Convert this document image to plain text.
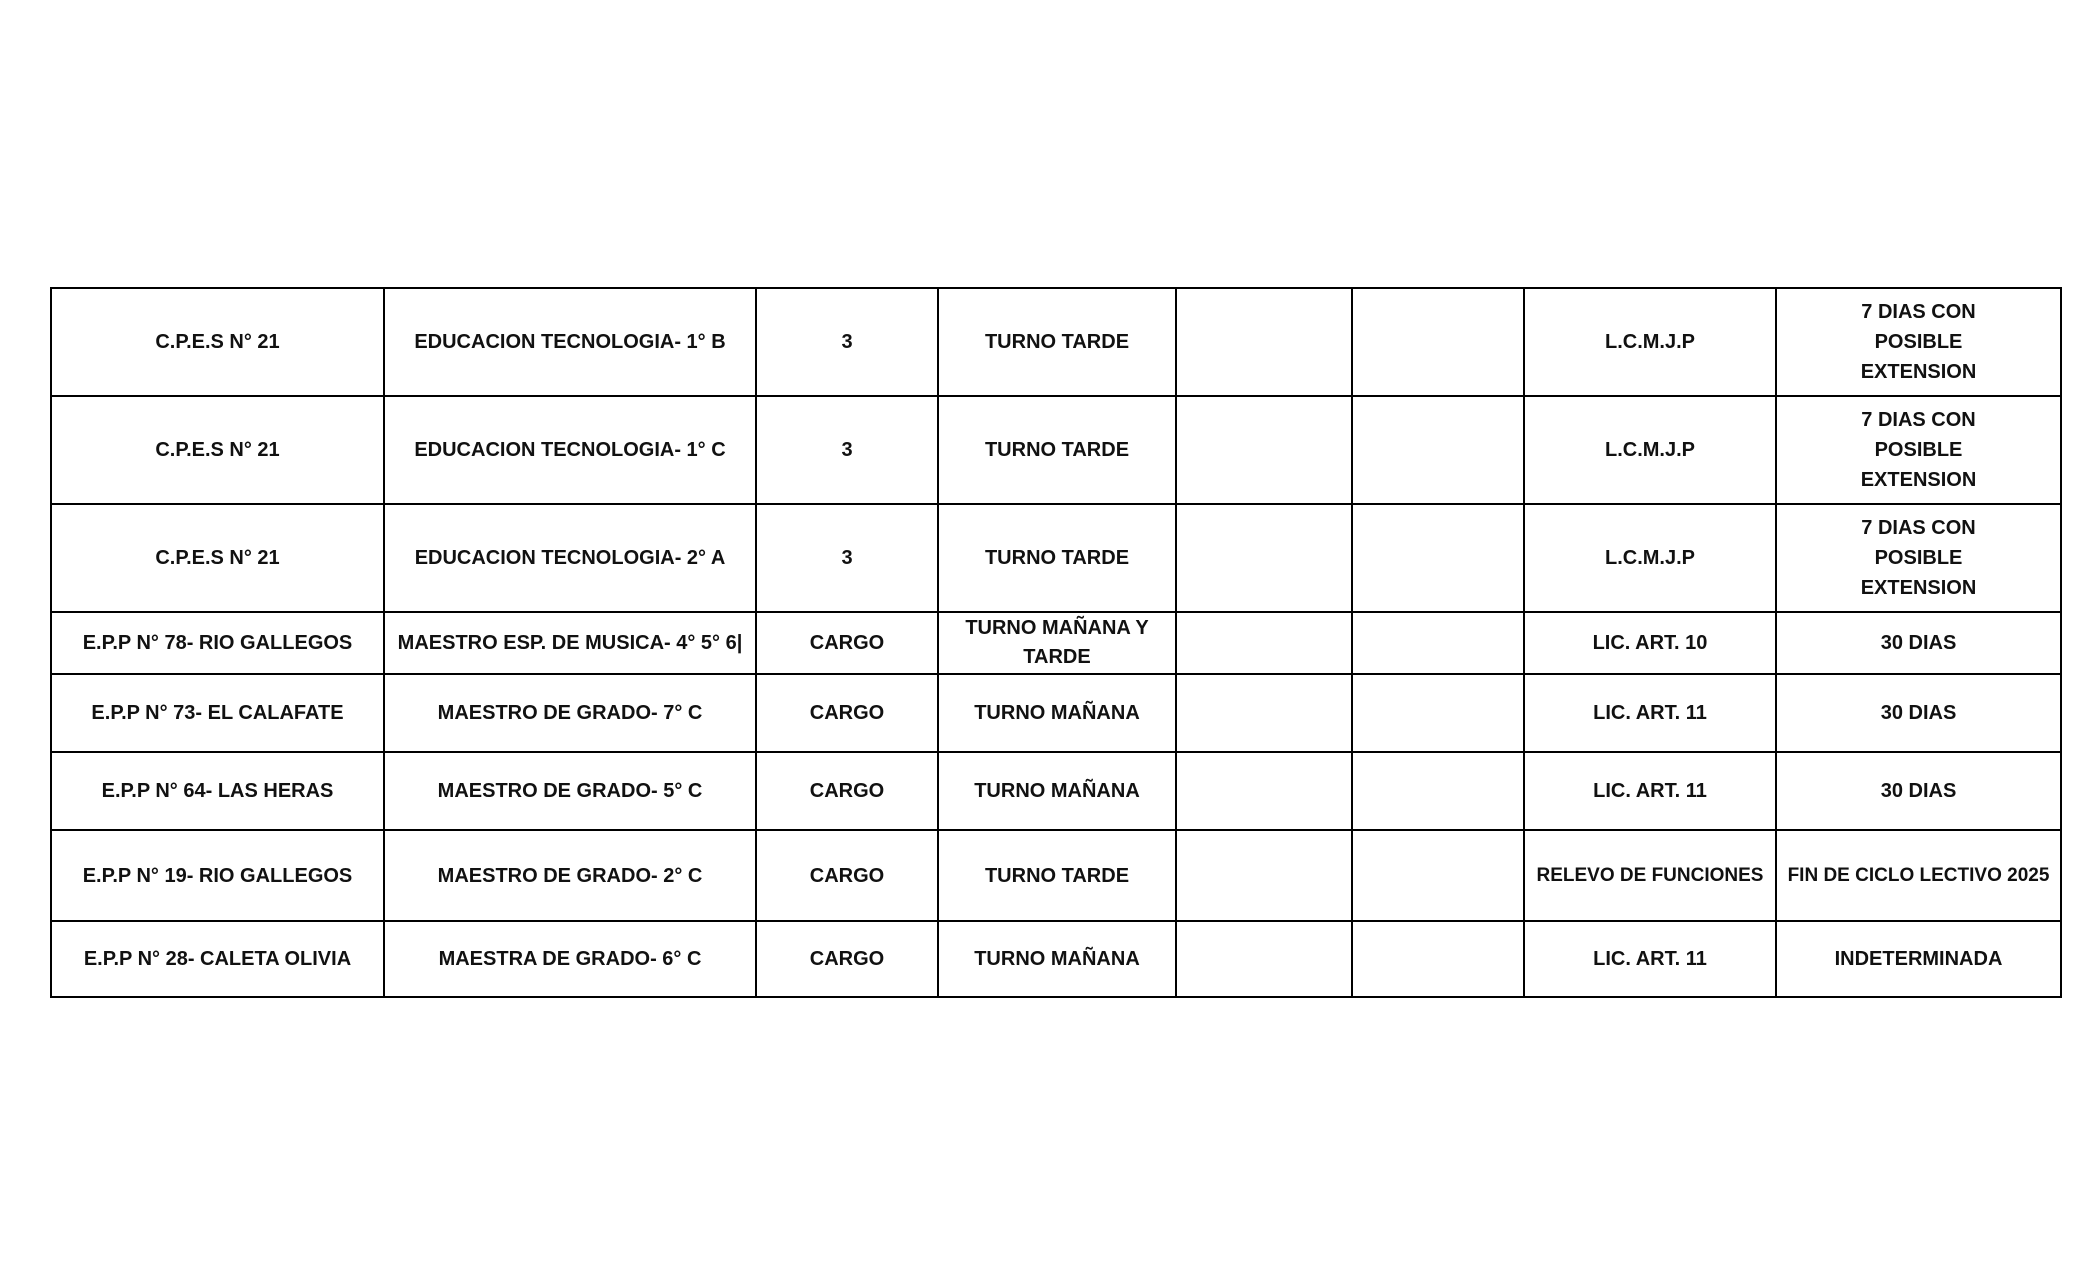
C.P.E.S N° 21	EDUCACION TECNOLOGIA- 1° B	3	TURNO TARDE			L.C.M.J.P	7 DIAS CON POSIBLE EXTENSION
C.P.E.S N° 21	EDUCACION TECNOLOGIA- 1° C	3	TURNO TARDE			L.C.M.J.P	7 DIAS CON POSIBLE EXTENSION
C.P.E.S N° 21	EDUCACION TECNOLOGIA- 2° A	3	TURNO TARDE			L.C.M.J.P	7 DIAS CON POSIBLE EXTENSION
E.P.P N° 78- RIO GALLEGOS	MAESTRO ESP. DE MUSICA- 4° 5° 6|	CARGO	TURNO MAÑANA Y TARDE			LIC. ART. 10	30 DIAS
E.P.P N° 73- EL CALAFATE	MAESTRO DE GRADO- 7° C	CARGO	TURNO MAÑANA			LIC. ART. 11	30 DIAS
E.P.P N° 64- LAS HERAS	MAESTRO DE GRADO- 5° C	CARGO	TURNO MAÑANA			LIC. ART. 11	30 DIAS
E.P.P N° 19- RIO GALLEGOS	MAESTRO DE GRADO- 2° C	CARGO	TURNO TARDE			RELEVO DE FUNCIONES	FIN DE CICLO LECTIVO 2025
E.P.P N° 28- CALETA OLIVIA	MAESTRA DE GRADO- 6° C	CARGO	TURNO MAÑANA			LIC. ART. 11	INDETERMINADA
